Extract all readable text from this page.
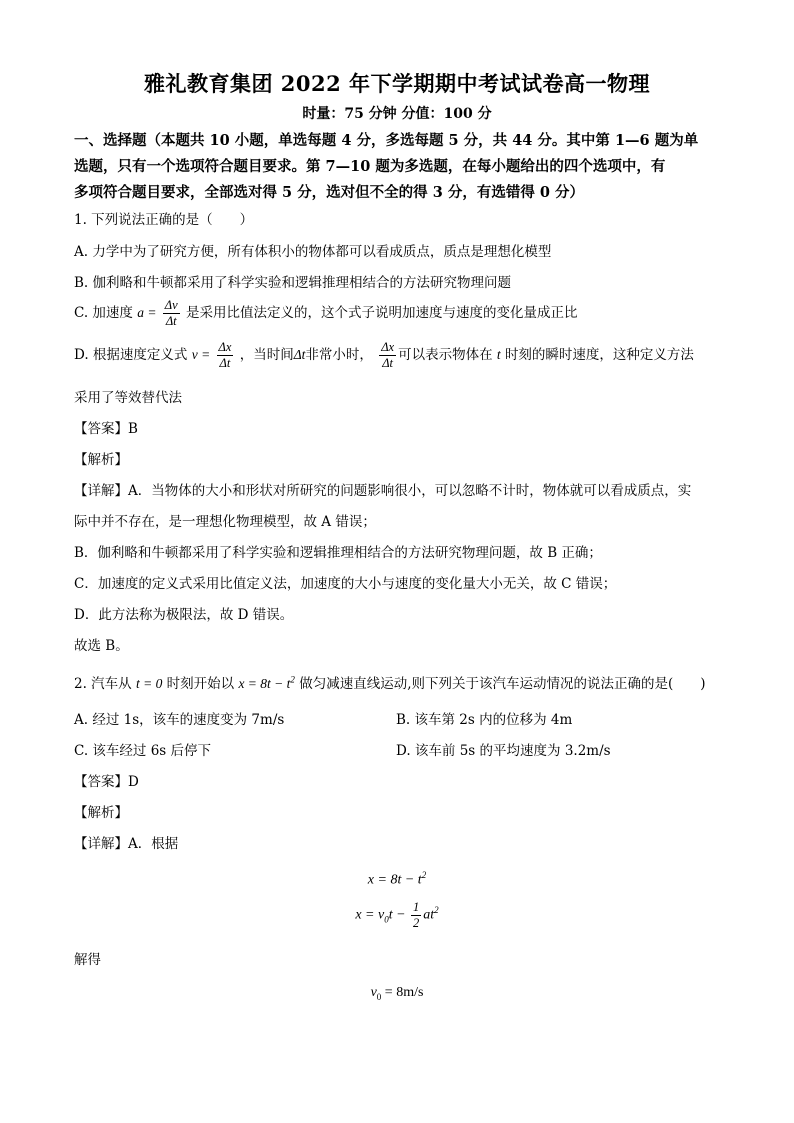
雅礼教育集团 2022 年下学期期中考试试卷高一物理
时量：75 分钟 分值：100 分
一、选择题（本题共 10 小题，单选每题 4 分，多选每题 5 分，共 44 分。其中第 1—6 题为单
选题，只有一个选项符合题目要求。第 7—10 题为多选题，在每小题给出的四个选项中，有
多项符合题目要求，全部选对得 5 分，选对但不全的得 3 分，有选错得 0 分）
1. 下列说法正确的是（　　）
A. 力学中为了研究方便，所有体积小的物体都可以看成质点，质点是理想化模型
B. 伽利略和牛顿都采用了科学实验和逻辑推理相结合的方法研究物理问题
C. 加速度 $a = \frac{\Delta v}{\Delta t}$ 是采用比值法定义的，这个式子说明加速度与速度的变化量成正比
D. 根据速度定义式 $v = \frac{\Delta x}{\Delta t}$ ，当时间Δt非常小时， $\frac{\Delta x}{\Delta t}$ 可以表示物体在 t 时刻的瞬时速度，这种定义方法
采用了等效替代法
【答案】B
【解析】
【详解】A．当物体的大小和形状对所研究的问题影响很小，可以忽略不计时，物体就可以看成质点，实
际中并不存在，是一理想化物理模型，故 A 错误；
B．伽利略和牛顿都采用了科学实验和逻辑推理相结合的方法研究物理问题，故 B 正确；
C．加速度的定义式采用比值定义法，加速度的大小与速度的变化量大小无关，故 C 错误；
D．此方法称为极限法，故 D 错误。
故选 B。
2. 汽车从 t = 0 时刻开始以 $x = 8t - t^2$ 做匀减速直线运动,则下列关于该汽车运动情况的说法正确的是(　　)
A. 经过 1s，该车的速度变为 7m/s	B. 该车第 2s 内的位移为 4m
C. 该车经过 6s 后停下	D. 该车前 5s 的平均速度为 3.2m/s
【答案】D
【解析】
【详解】A．根据
$x = 8t - t^2$
$x = v_0t - \frac{1}{2} at^2$
解得
$v_0 = 8m/s$
